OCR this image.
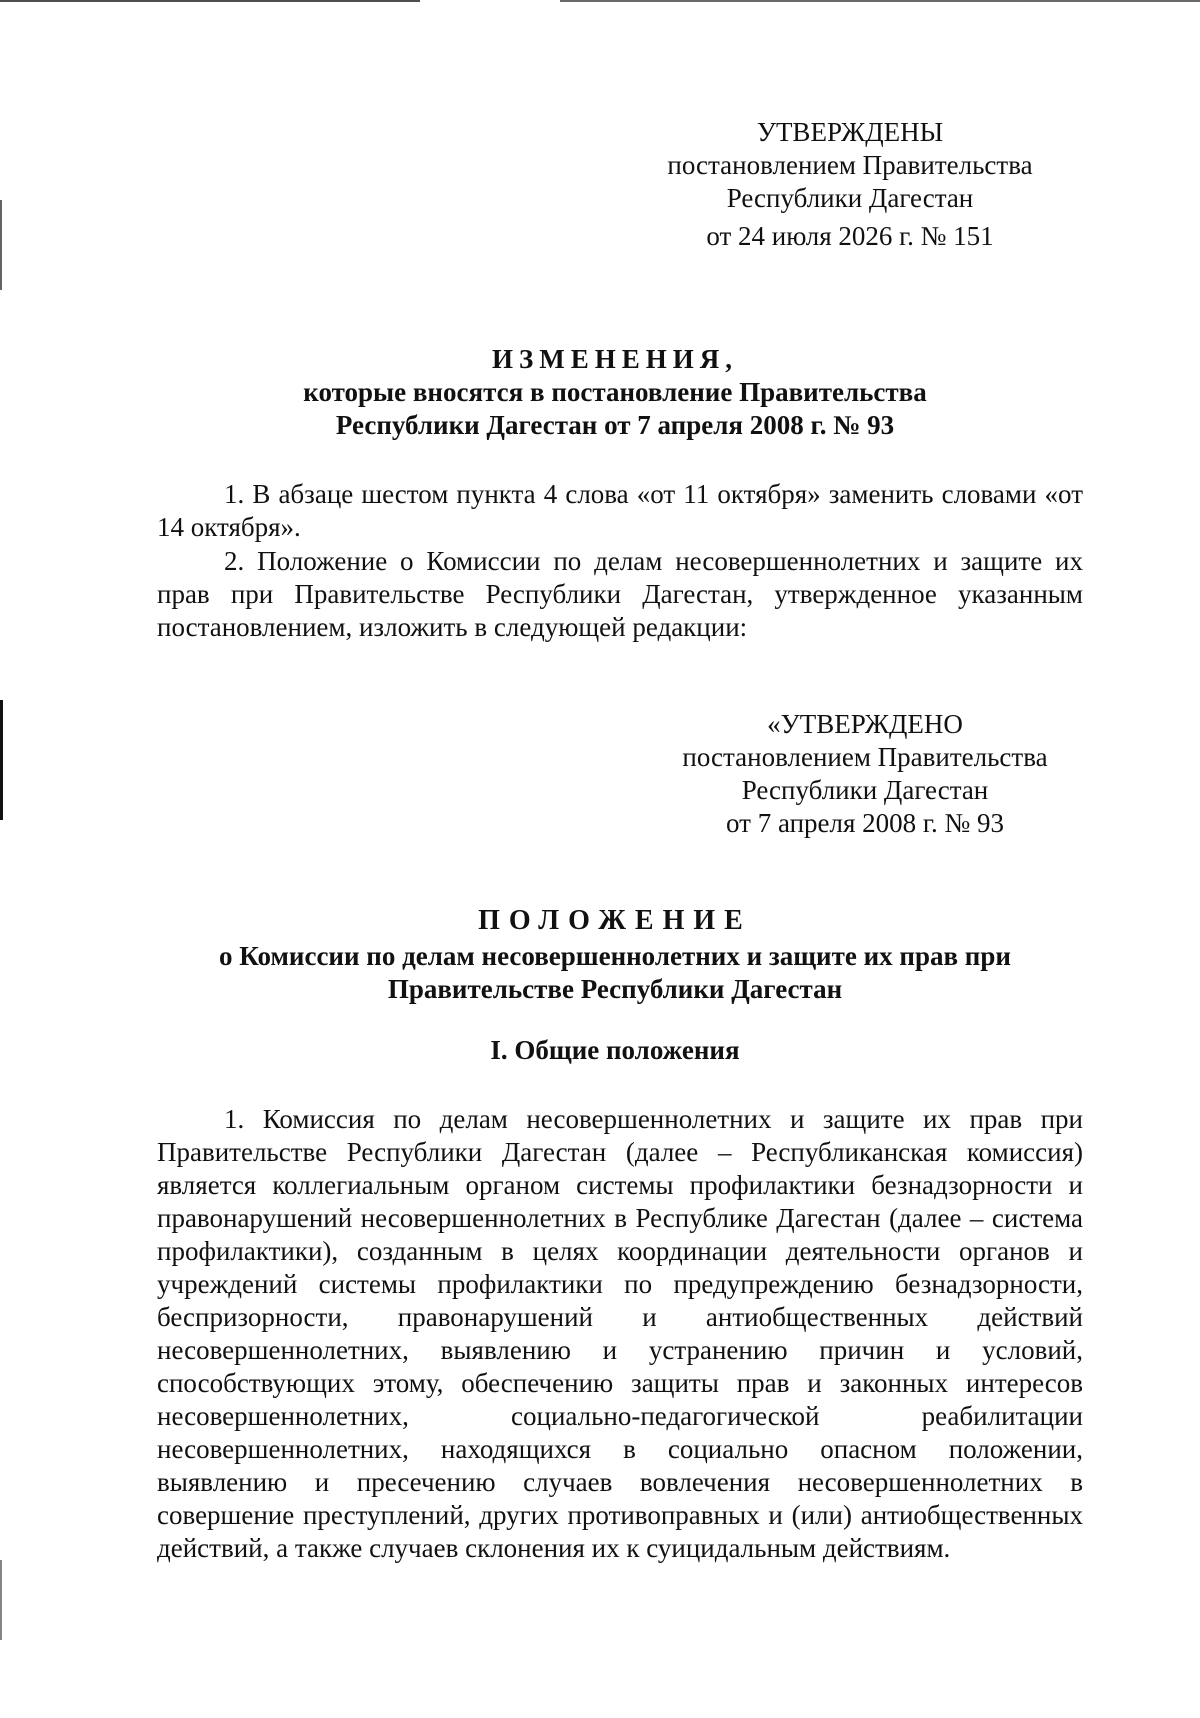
УТВЕРЖДЕНЫ
постановлением Правительства
Республики Дагестан
от 24 июля 2026 г. № 151
ИЗМЕНЕНИЯ,
которые вносятся в постановление Правительства
Республики Дагестан от 7 апреля 2008 г. № 93
1. В абзаце шестом пункта 4 слова «от 11 октября» заменить словами «от 14 октября».
2. Положение о Комиссии по делам несовершеннолетних и защите их прав при Правительстве Республики Дагестан, утвержденное указанным постановлением, изложить в следующей редакции:
«УТВЕРЖДЕНО
постановлением Правительства
Республики Дагестан
от 7 апреля 2008 г. № 93
ПОЛОЖЕНИЕ
о Комиссии по делам несовершеннолетних и защите их прав при
Правительстве Республики Дагестан
I. Общие положения
1. Комиссия по делам несовершеннолетних и защите их прав при Правительстве Республики Дагестан (далее – Республиканская комиссия) является коллегиальным органом системы профилактики безнадзорности и правонарушений несовершеннолетних в Республике Дагестан (далее – система профилактики), созданным в целях координации деятельности органов и учреждений системы профилактики по предупреждению безнадзорности, беспризорности, правонарушений и антиобщественных действий несовершеннолетних, выявлению и устранению причин и условий, способствующих этому, обеспечению защиты прав и законных интересов несовершеннолетних, социально-педагогической реабилитации несовершеннолетних, находящихся в социально опасном положении, выявлению и пресечению случаев вовлечения несовершеннолетних в совершение преступлений, других противоправных и (или) антиобщественных действий, а также случаев склонения их к суицидальным действиям.
